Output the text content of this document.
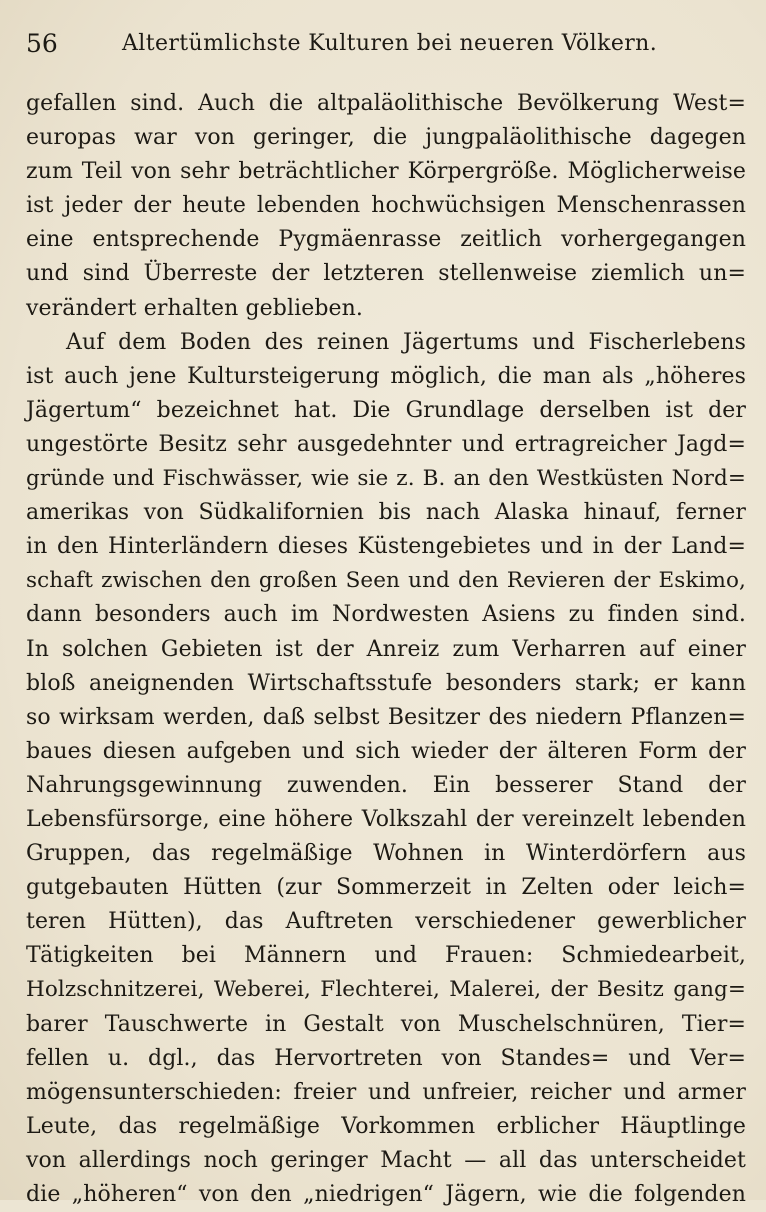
56	Altertümlichste Kulturen bei neueren Völkern.
gefallen sind. Auch die altpaläolithische Bevölkerung West=
europas war von geringer, die jungpaläolithische dagegen
zum Teil von sehr beträchtlicher Körpergröße. Möglicherweise
ist jeder der heute lebenden hochwüchsigen Menschenrassen
eine entsprechende Pygmäenrasse zeitlich vorhergegangen
und sind Überreste der letzteren stellenweise ziemlich un=
verändert erhalten geblieben.
Auf dem Boden des reinen Jägertums und Fischerlebens
ist auch jene Kultursteigerung möglich, die man als „höheres
Jägertum“ bezeichnet hat. Die Grundlage derselben ist der
ungestörte Besitz sehr ausgedehnter und ertragreicher Jagd=
gründe und Fischwässer, wie sie z. B. an den Westküsten Nord=
amerikas von Südkalifornien bis nach Alaska hinauf, ferner
in den Hinterländern dieses Küstengebietes und in der Land=
schaft zwischen den großen Seen und den Revieren der Eskimo,
dann besonders auch im Nordwesten Asiens zu finden sind.
In solchen Gebieten ist der Anreiz zum Verharren auf einer
bloß aneignenden Wirtschaftsstufe besonders stark; er kann
so wirksam werden, daß selbst Besitzer des niedern Pflanzen=
baues diesen aufgeben und sich wieder der älteren Form der
Nahrungsgewinnung zuwenden. Ein besserer Stand der
Lebensfürsorge, eine höhere Volkszahl der vereinzelt lebenden
Gruppen, das regelmäßige Wohnen in Winterdörfern aus
gutgebauten Hütten (zur Sommerzeit in Zelten oder leich=
teren Hütten), das Auftreten verschiedener gewerblicher
Tätigkeiten bei Männern und Frauen: Schmiedearbeit,
Holzschnitzerei, Weberei, Flechterei, Malerei, der Besitz gang=
barer Tauschwerte in Gestalt von Muschelschnüren, Tier=
fellen u. dgl., das Hervortreten von Standes= und Ver=
mögensunterschieden: freier und unfreier, reicher und armer
Leute, das regelmäßige Vorkommen erblicher Häuptlinge
von allerdings noch geringer Macht — all das unterscheidet
die „höheren“ von den „niedrigen“ Jägern, wie die folgenden
